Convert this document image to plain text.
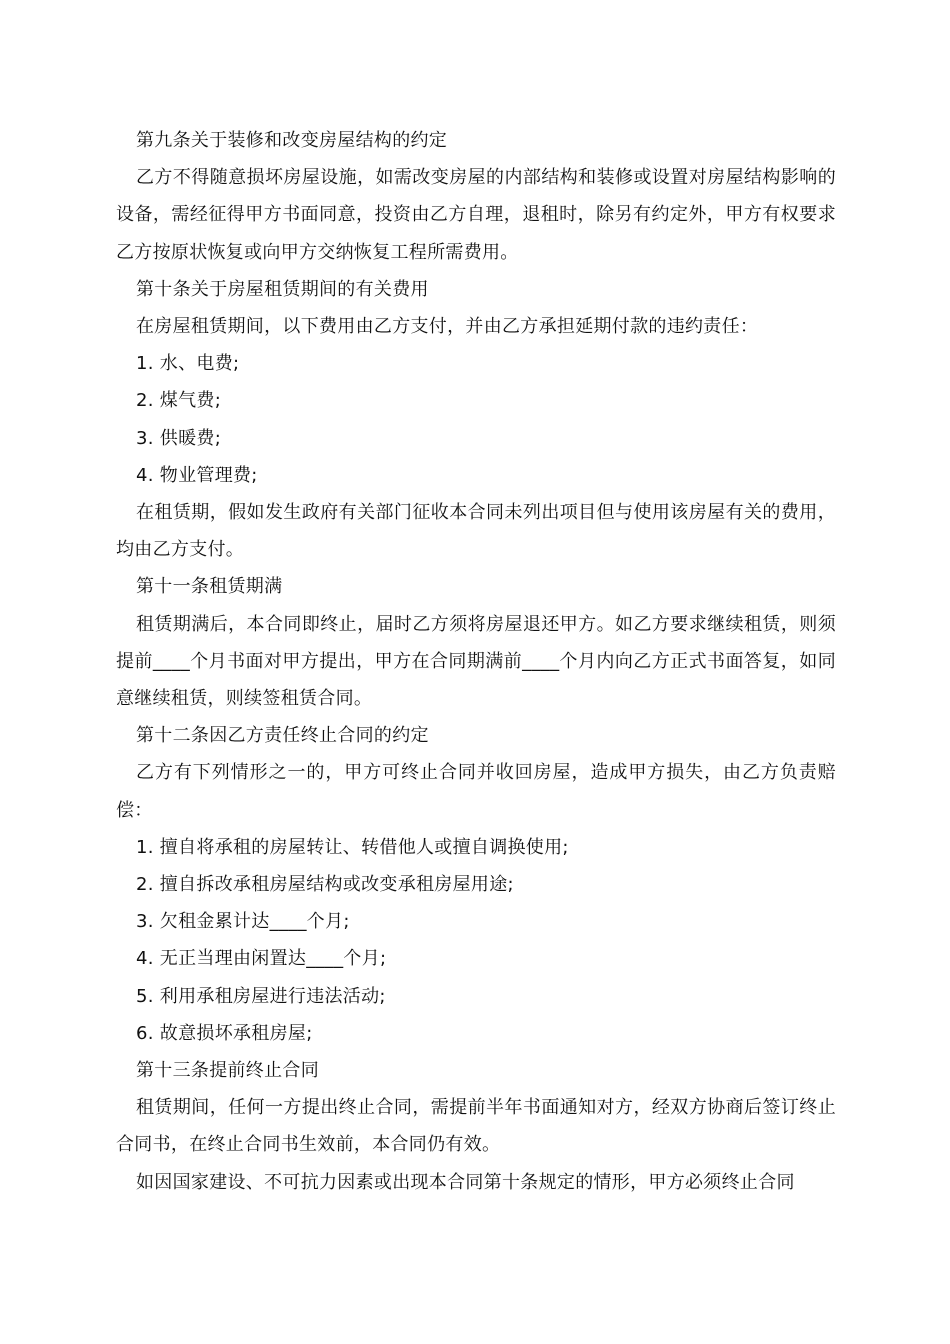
第九条关于装修和改变房屋结构的约定

乙方不得随意损坏房屋设施，如需改变房屋的内部结构和装修或设置对房屋结构影响的设备，需经征得甲方书面同意，投资由乙方自理，退租时，除另有约定外，甲方有权要求乙方按原状恢复或向甲方交纳恢复工程所需费用。

第十条关于房屋租赁期间的有关费用

在房屋租赁期间，以下费用由乙方支付，并由乙方承担延期付款的违约责任：

1. 水、电费;

2. 煤气费;

3. 供暖费;

4. 物业管理费;

在租赁期，假如发生政府有关部门征收本合同未列出项目但与使用该房屋有关的费用，均由乙方支付。

第十一条租赁期满

租赁期满后，本合同即终止，届时乙方须将房屋退还甲方。如乙方要求继续租赁，则须提前____个月书面对甲方提出，甲方在合同期满前____个月内向乙方正式书面答复，如同意继续租赁，则续签租赁合同。

第十二条因乙方责任终止合同的约定

乙方有下列情形之一的，甲方可终止合同并收回房屋，造成甲方损失，由乙方负责赔偿：

1. 擅自将承租的房屋转让、转借他人或擅自调换使用;

2. 擅自拆改承租房屋结构或改变承租房屋用途;

3. 欠租金累计达____个月;

4. 无正当理由闲置达____个月;

5. 利用承租房屋进行违法活动;

6. 故意损坏承租房屋;

第十三条提前终止合同

租赁期间，任何一方提出终止合同，需提前半年书面通知对方，经双方协商后签订终止合同书，在终止合同书生效前，本合同仍有效。

如因国家建设、不可抗力因素或出现本合同第十条规定的情形，甲方必须终止合同
